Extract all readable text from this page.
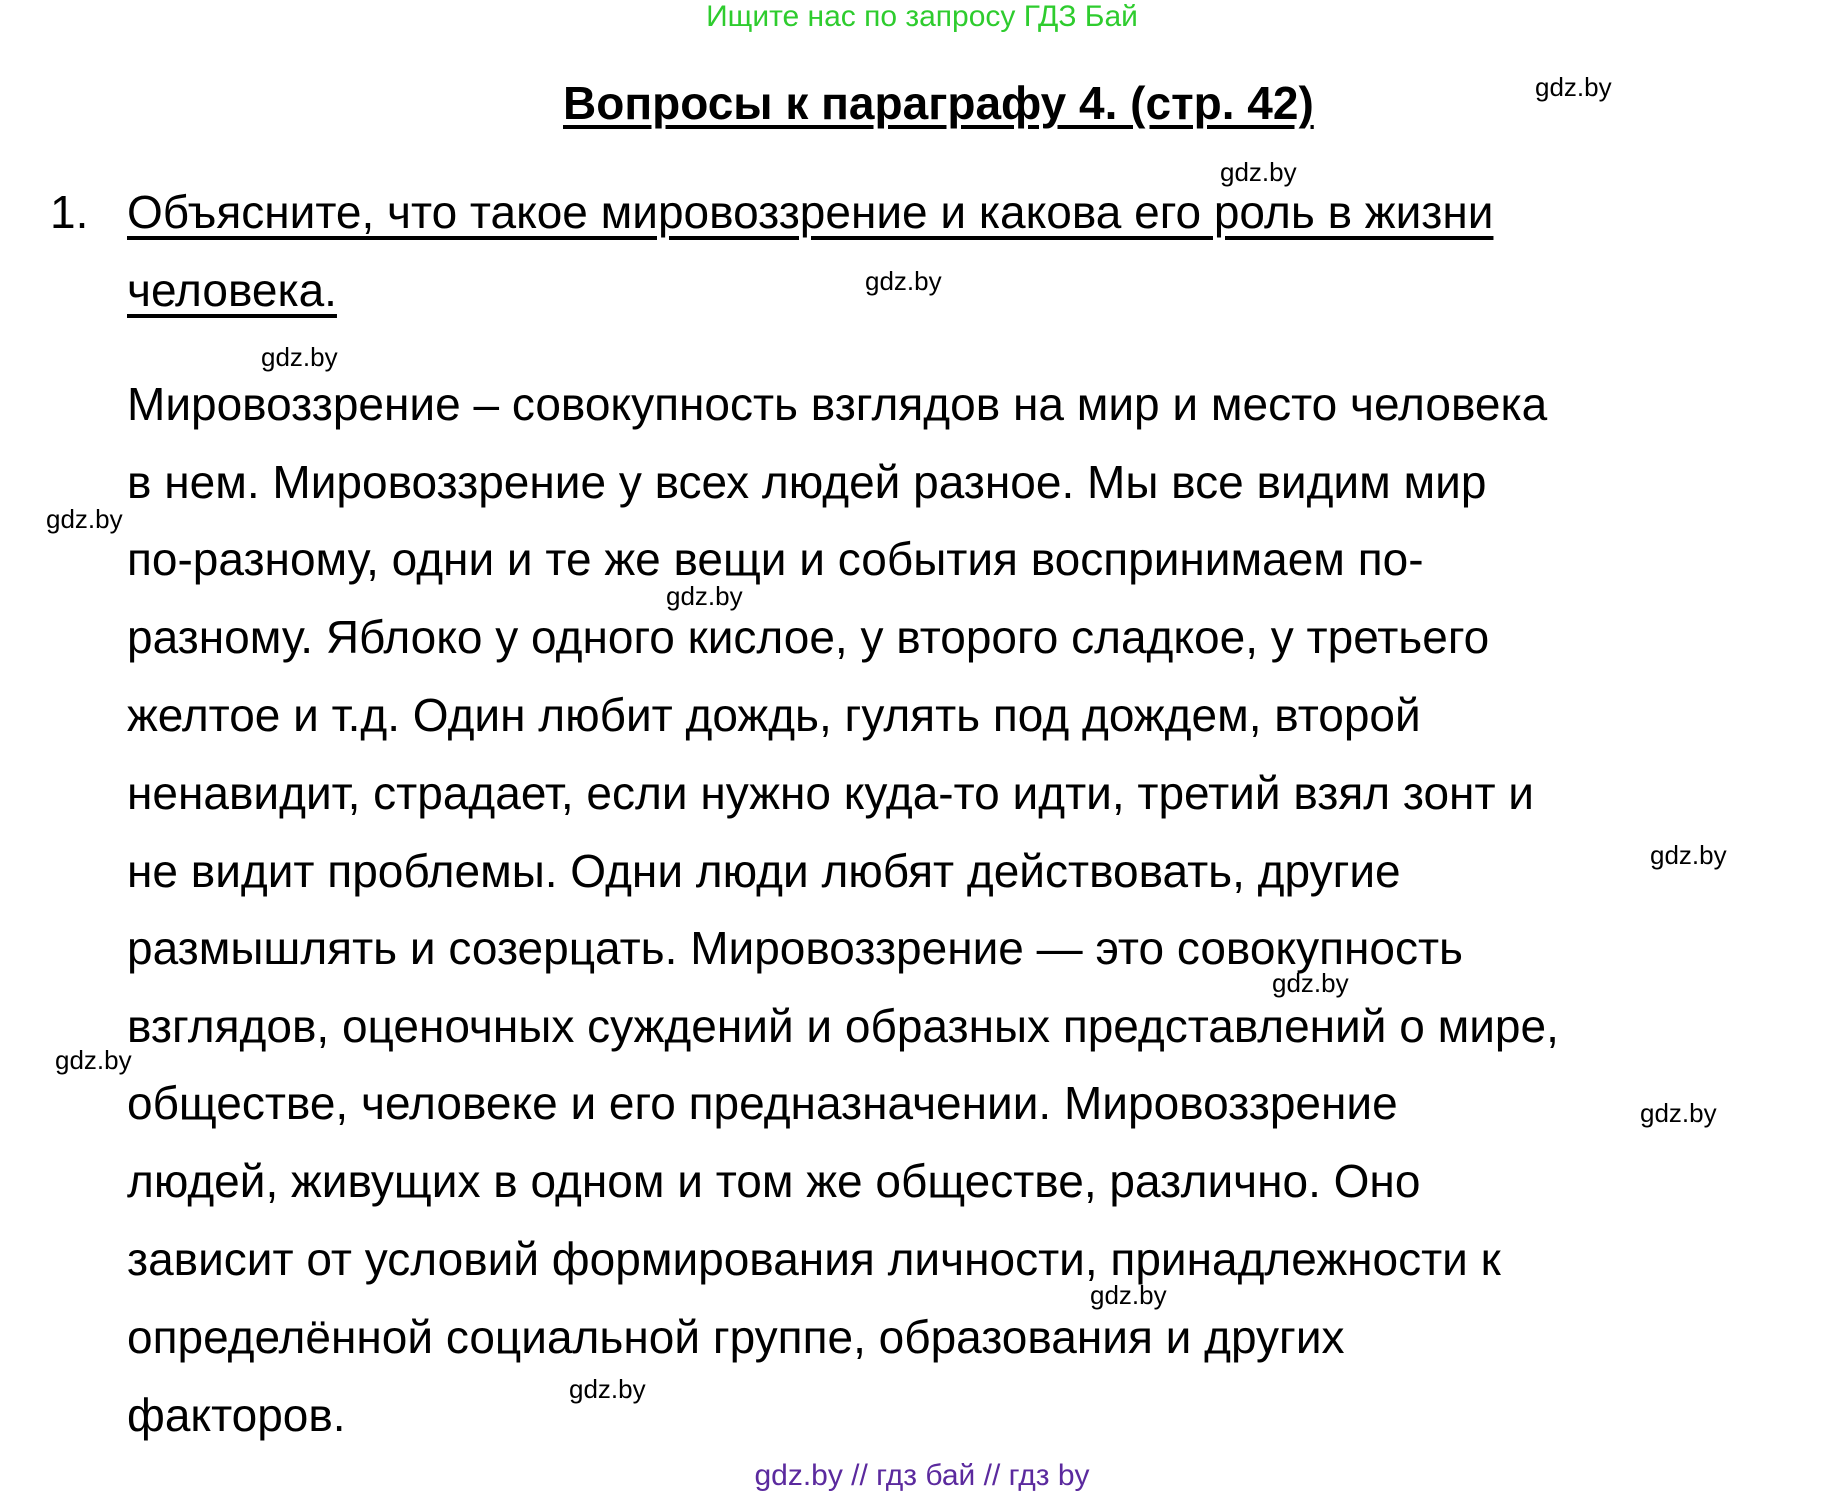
Ищите нас по запросу ГДЗ Бай
Вопросы к параграфу 4. (стр. 42)
1. Объясните, что такое мировоззрение и какова его роль в жизни
человека.
Мировоззрение – совокупность взглядов на мир и место человека
в нем. Мировоззрение у всех людей разное. Мы все видим мир
по-разному, одни и те же вещи и события воспринимаем по-
разному. Яблоко у одного кислое, у второго сладкое, у третьего
желтое и т.д. Один любит дождь, гулять под дождем, второй
ненавидит, страдает, если нужно куда-то идти, третий взял зонт и
не видит проблемы. Одни люди любят действовать, другие
размышлять и созерцать. Мировоззрение — это совокупность
взглядов, оценочных суждений и образных представлений о мире,
обществе, человеке и его предназначении. Мировоззрение
людей, живущих в одном и том же обществе, различно. Оно
зависит от условий формирования личности, принадлежности к
определённой социальной группе, образования и других
факторов.
gdz.by
gdz.by
gdz.by
gdz.by
gdz.by
gdz.by
gdz.by
gdz.by
gdz.by
gdz.by
gdz.by
gdz.by
gdz.by // гдз бай // гдз by
